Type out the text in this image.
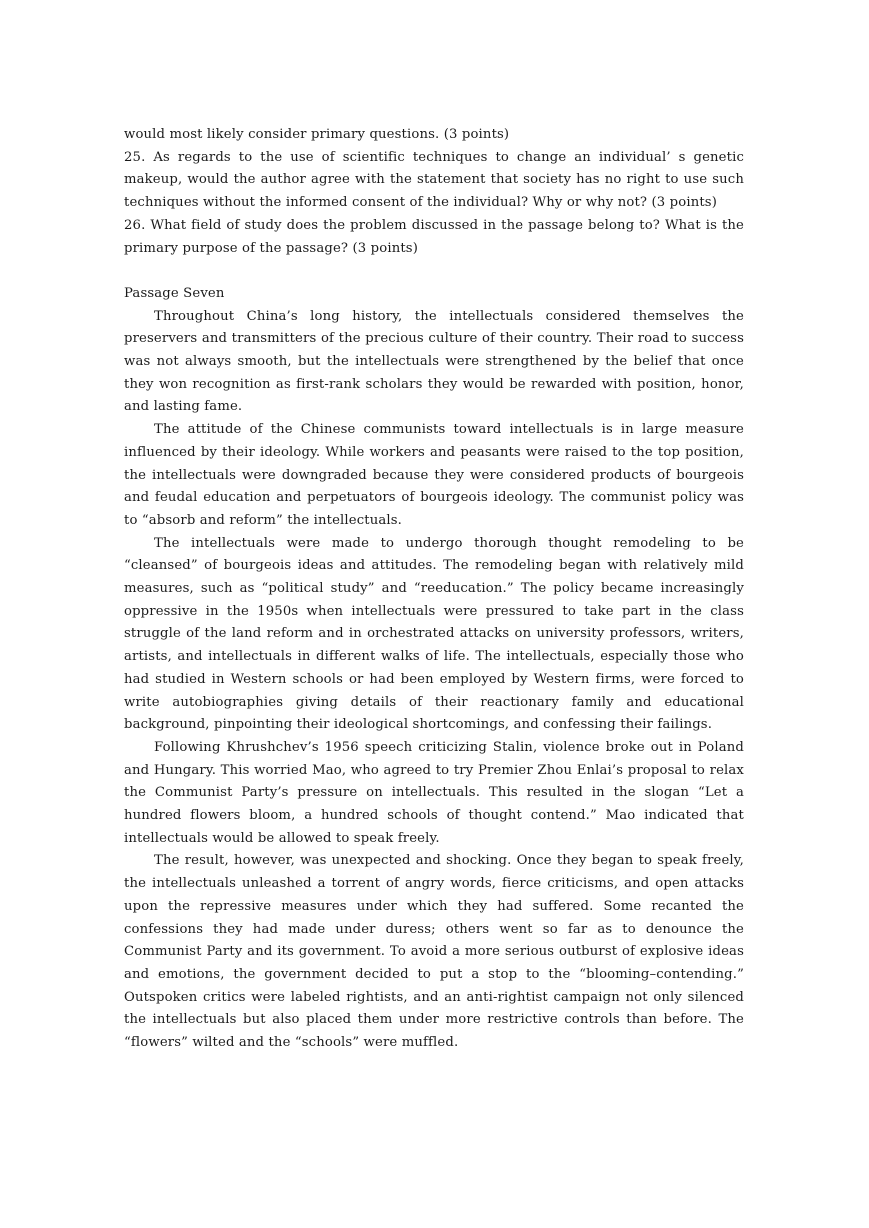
would most likely consider primary questions. (3 points)

25. As regards to the use of scientific techniques to change an individual’ s genetic makeup, would the author agree with the statement that society has no right to use such techniques without the informed consent of the individual? Why or why not? (3 points)

26. What field of study does the problem discussed in the passage belong to? What is the primary purpose of the passage? (3 points)

Passage Seven

Throughout China’s long history, the intellectuals considered themselves the preservers and transmitters of the precious culture of their country. Their road to success was not always smooth, but the intellectuals were strengthened by the belief that once they won recognition as first-rank scholars they would be rewarded with position, honor, and lasting fame.

The attitude of the Chinese communists toward intellectuals is in large measure influenced by their ideology. While workers and peasants were raised to the top position, the intellectuals were downgraded because they were considered products of bourgeois and feudal education and perpetuators of bourgeois ideology. The communist policy was to “absorb and reform” the intellectuals.

The intellectuals were made to undergo thorough thought remodeling to be “cleansed” of bourgeois ideas and attitudes. The remodeling began with relatively mild measures, such as “political study” and “reeducation.” The policy became increasingly oppressive in the 1950s when intellectuals were pressured to take part in the class struggle of the land reform and in orchestrated attacks on university professors, writers, artists, and intellectuals in different walks of life. The intellectuals, especially those who had studied in Western schools or had been employed by Western firms, were forced to write autobiographies giving details of their reactionary family and educational background, pinpointing their ideological shortcomings, and confessing their failings.

Following Khrushchev’s 1956 speech criticizing Stalin, violence broke out in Poland and Hungary. This worried Mao, who agreed to try Premier Zhou Enlai’s proposal to relax the Communist Party’s pressure on intellectuals. This resulted in the slogan “Let a hundred flowers bloom, a hundred schools of thought contend.” Mao indicated that intellectuals would be allowed to speak freely.

The result, however, was unexpected and shocking. Once they began to speak freely, the intellectuals unleashed a torrent of angry words, fierce criticisms, and open attacks upon the repressive measures under which they had suffered. Some recanted the confessions they had made under duress; others went so far as to denounce the Communist Party and its government. To avoid a more serious outburst of explosive ideas and emotions, the government decided to put a stop to the “blooming–contending.” Outspoken critics were labeled rightists, and an anti-rightist campaign not only silenced the intellectuals but also placed them under more restrictive controls than before. The “flowers” wilted and the “schools” were muffled.
